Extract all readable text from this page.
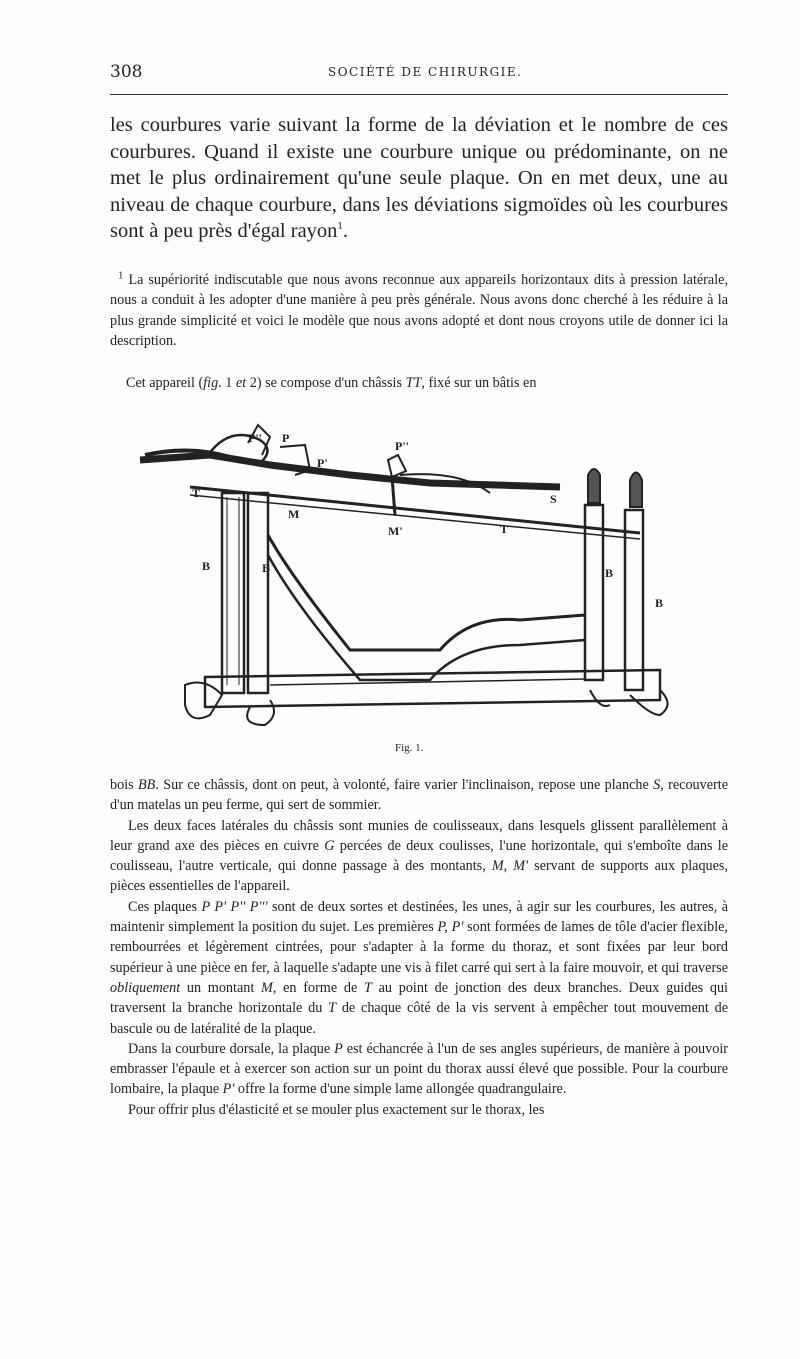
308	SOCIÉTÉ DE CHIRURGIE.
les courbures varie suivant la forme de la déviation et le nombre de ces courbures. Quand il existe une courbure unique ou prédominante, on ne met le plus ordinairement qu'une seule plaque. On en met deux, une au niveau de chaque courbure, dans les déviations sigmoïdes où les courbures sont à peu près d'égal rayon$^1$.
$^1$ La supériorité indiscutable que nous avons reconnue aux appareils horizontaux dits à pression latérale, nous a conduit à les adopter d'une manière à peu près générale. Nous avons donc cherché à les réduire à la plus grande simplicité et voici le modèle que nous avons adopté et dont nous croyons utile de donner ici la description.
Cet appareil (fig. 1 et 2) se compose d'un châssis TT, fixé sur un bâtis en
P'' P
P'
P''
T
M
M'	T
S
B	B	B
B
Fig. 1.

bois BB. Sur ce châssis, dont on peut, à volonté, faire varier l'inclinaison, repose une planche S, recouverte d'un matelas un peu ferme, qui sert de sommier.

Les deux faces latérales du châssis sont munies de coulisseaux, dans lesquels glissent parallèlement à leur grand axe des pièces en cuivre G percées de deux coulisses, l'une horizontale, qui s'emboîte dans le coulisseau, l'autre verticale, qui donne passage à des montants, M, M' servant de supports aux plaques, pièces essentielles de l'appareil.

Ces plaques P P' P'' P''' sont de deux sortes et destinées, les unes, à agir sur les courbures, les autres, à maintenir simplement la position du sujet. Les premières P, P' sont formées de lames de tôle d'acier flexible, rembourrées et légèrement cintrées, pour s'adapter à la forme du thoraz, et sont fixées par leur bord supérieur à une pièce en fer, à laquelle s'adapte une vis à filet carré qui sert à la faire mouvoir, et qui traverse obliquement un montant M, en forme de T au point de jonction des deux branches. Deux guides qui traversent la branche horizontale du T de chaque côté de la vis servent à empêcher tout mouvement de bascule ou de latéralité de la plaque.

Dans la courbure dorsale, la plaque P est échancrée à l'un de ses angles supérieurs, de manière à pouvoir embrasser l'épaule et à exercer son action sur un point du thorax aussi élevé que possible. Pour la courbure lombaire, la plaque P' offre la forme d'une simple lame allongée quadrangulaire.

Pour offrir plus d'élasticité et se mouler plus exactement sur le thorax, les
